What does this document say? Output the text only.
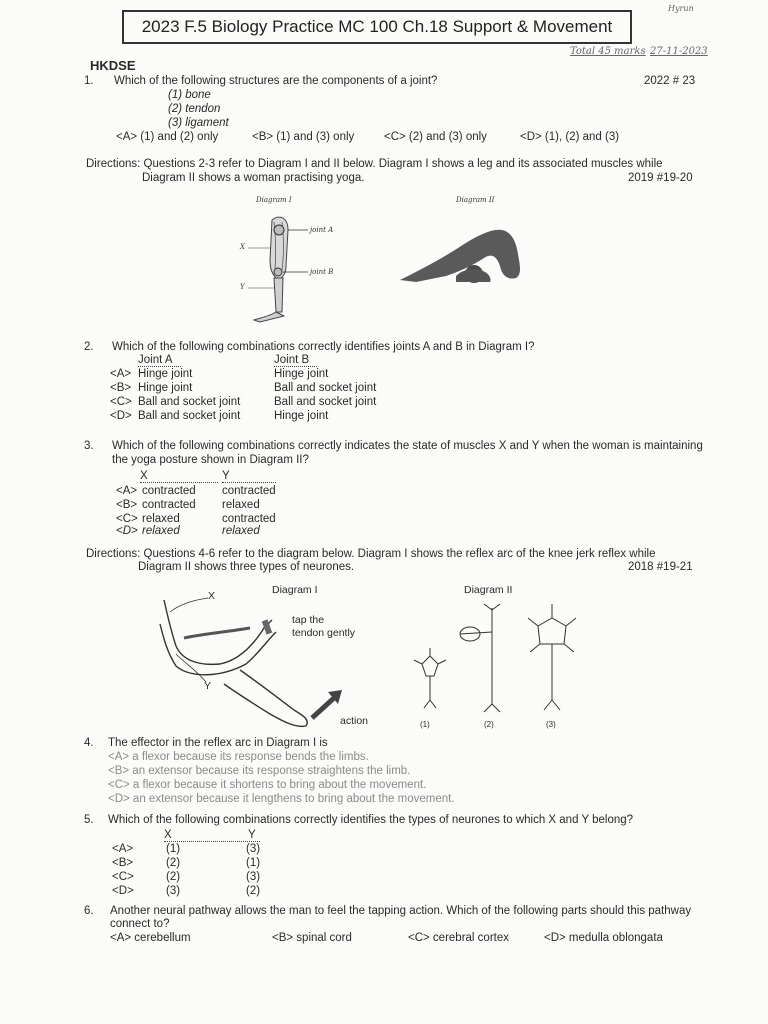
2023 F.5 Biology Practice MC 100 Ch.18 Support & Movement
Hyrun
Total 45 marks 27-11-2023
HKDSE
1. Which of the following structures are the components of a joint?	2022 # 23
(1) bone
(2) tendon
(3) ligament
<A> (1) and (2) only	<B> (1) and (3) only	<C> (2) and (3) only	<D> (1), (2) and (3)
Directions: Questions 2-3 refer to Diagram I and II below. Diagram I shows a leg and its associated muscles while
Diagram II shows a woman practising yoga.	2019 #19-20
Diagram I
joint A
joint B
X
Y
Diagram II
2. Which of the following combinations correctly identifies joints A and B in Diagram I?
Joint A	Joint B
<A> Hinge joint	Hinge joint
<B> Hinge joint	Ball and socket joint
<C> Ball and socket joint	Ball and socket joint
<D> Ball and socket joint	Hinge joint
3. Which of the following combinations correctly indicates the state of muscles X and Y when the woman is maintaining
the yoga posture shown in Diagram II?
X	Y
<A> contracted contracted
<B> contracted relaxed
<C> relaxed	contracted
<D> relaxed	relaxed
Directions: Questions 4-6 refer to the diagram below. Diagram I shows the reflex arc of the knee jerk reflex while
Diagram II shows three types of neurones.	2018 #19-21
Diagram I
X
Y
tap the
tendon gently
action
Diagram II
(1)	(2)	(3)
4. The effector in the reflex arc in Diagram I is
<A> a flexor because its response bends the limbs.
<B> an extensor because its response straightens the limb.
<C> a flexor because it shortens to bring about the movement.
<D> an extensor because it lengthens to bring about the movement.
5. Which of the following combinations correctly identifies the types of neurones to which X and Y belong?
X	Y
<A>	(1)	(3)
<B>	(2)	(1)
<C>	(2)	(3)
<D>	(3)	(2)
6. Another neural pathway allows the man to feel the tapping action. Which of the following parts should this pathway
connect to?
<A> cerebellum	<B> spinal cord	<C> cerebral cortex	<D> medulla oblongata
